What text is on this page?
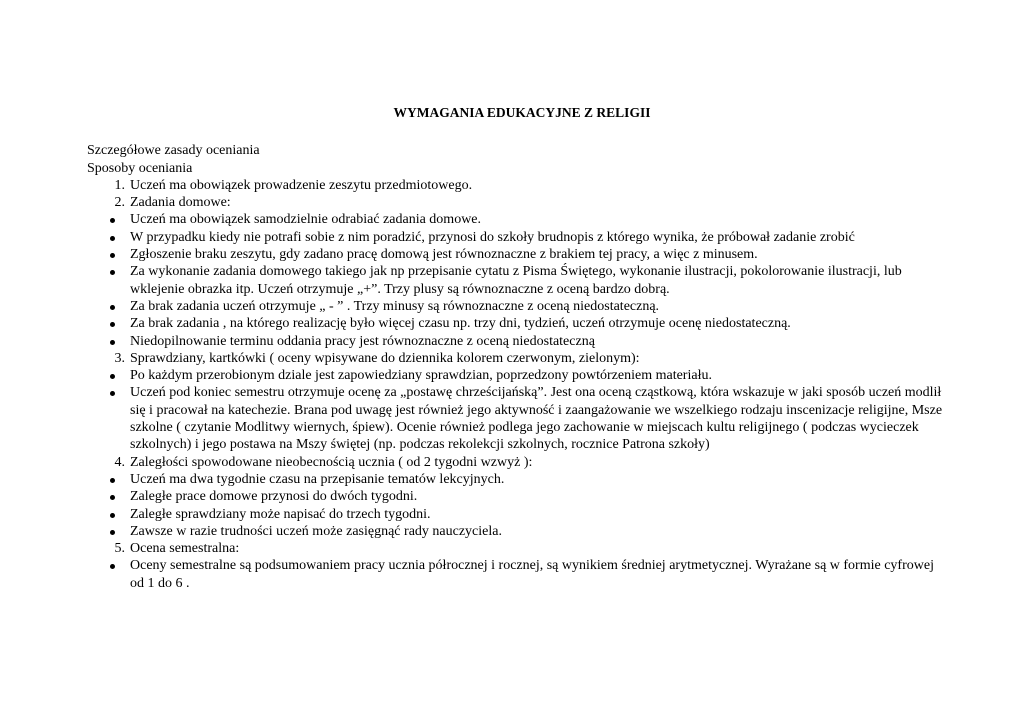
WYMAGANIA EDUKACYJNE Z RELIGII

Szczegółowe zasady oceniania

Sposoby oceniania

1. Uczeń ma obowiązek prowadzenie zeszytu przedmiotowego.
2. Zadania domowe:
Uczeń ma obowiązek samodzielnie odrabiać zadania domowe.
W przypadku kiedy nie potrafi sobie z nim poradzić, przynosi do szkoły brudnopis z którego wynika, że próbował zadanie zrobić
Zgłoszenie braku zeszytu, gdy zadano pracę domową jest równoznaczne z brakiem tej pracy, a więc z minusem.
Za wykonanie zadania domowego takiego jak np przepisanie cytatu z Pisma Świętego, wykonanie ilustracji, pokolorowanie ilustracji, lub wklejenie obrazka itp. Uczeń otrzymuje „+”. Trzy plusy są równoznaczne z oceną bardzo dobrą.
Za brak zadania uczeń otrzymuje „ - ” . Trzy minusy są równoznaczne z oceną niedostateczną.
Za brak zadania , na którego realizację było więcej czasu np. trzy dni, tydzień, uczeń otrzymuje ocenę niedostateczną.
Niedopilnowanie terminu oddania pracy jest równoznaczne z oceną niedostateczną
3. Sprawdziany, kartkówki ( oceny wpisywane do dziennika kolorem czerwonym, zielonym):
Po każdym przerobionym dziale jest zapowiedziany sprawdzian, poprzedzony powtórzeniem materiału.
Uczeń pod koniec semestru otrzymuje ocenę za „postawę chrześcijańską”. Jest ona oceną cząstkową, która wskazuje w jaki sposób uczeń modlił się i pracował na katechezie. Brana pod uwagę jest również jego aktywność i zaangażowanie we wszelkiego rodzaju inscenizacje religijne, Msze szkolne ( czytanie Modlitwy wiernych, śpiew). Ocenie również podlega jego zachowanie w miejscach kultu religijnego ( podczas wycieczek szkolnych) i jego postawa na Mszy świętej (np. podczas rekolekcji szkolnych, rocznice Patrona szkoły)
4. Zaległości spowodowane nieobecnością ucznia ( od 2 tygodni wzwyż ):
Uczeń ma dwa tygodnie czasu na przepisanie tematów lekcyjnych.
Zaległe prace domowe przynosi do dwóch tygodni.
Zaległe sprawdziany może napisać do trzech tygodni.
Zawsze w razie trudności uczeń może zasięgnąć rady nauczyciela.
5. Ocena semestralna:
Oceny semestralne są podsumowaniem pracy ucznia półrocznej i rocznej, są wynikiem średniej arytmetycznej. Wyrażane są w formie cyfrowej od 1 do 6 .
